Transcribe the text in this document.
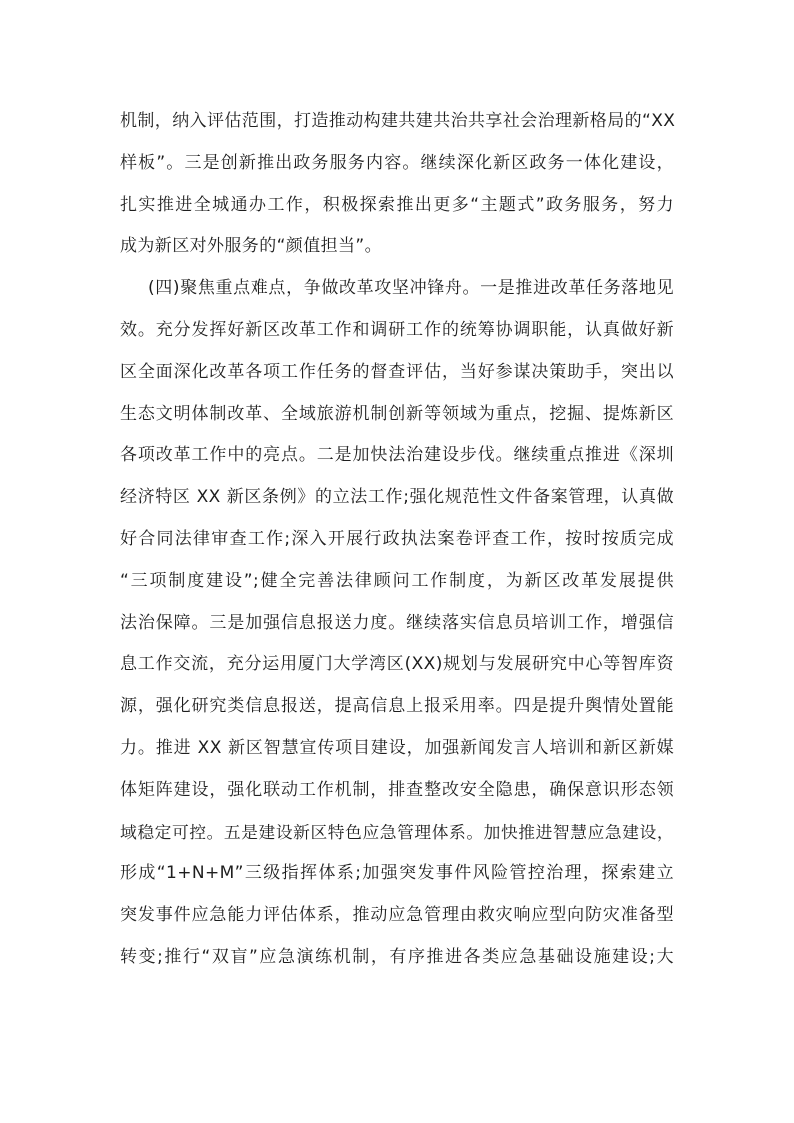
机制，纳入评估范围，打造推动构建共建共治共享社会治理新格局的“XX
样板”。三是创新推出政务服务内容。继续深化新区政务一体化建设，
扎实推进全城通办工作，积极探索推出更多“主题式”政务服务，努力
成为新区对外服务的“颜值担当”。
(四)聚焦重点难点，争做改革攻坚冲锋舟。一是推进改革任务落地见
效。充分发挥好新区改革工作和调研工作的统筹协调职能，认真做好新
区全面深化改革各项工作任务的督查评估，当好参谋决策助手，突出以
生态文明体制改革、全域旅游机制创新等领域为重点，挖掘、提炼新区
各项改革工作中的亮点。二是加快法治建设步伐。继续重点推进《深圳
经济特区 XX 新区条例》的立法工作;强化规范性文件备案管理，认真做
好合同法律审查工作;深入开展行政执法案卷评查工作，按时按质完成
“三项制度建设”;健全完善法律顾问工作制度，为新区改革发展提供
法治保障。三是加强信息报送力度。继续落实信息员培训工作，增强信
息工作交流，充分运用厦门大学湾区(XX)规划与发展研究中心等智库资
源，强化研究类信息报送，提高信息上报采用率。四是提升舆情处置能
力。推进 XX 新区智慧宣传项目建设，加强新闻发言人培训和新区新媒
体矩阵建设，强化联动工作机制，排查整改安全隐患，确保意识形态领
域稳定可控。五是建设新区特色应急管理体系。加快推进智慧应急建设，
形成“1+N+M”三级指挥体系;加强突发事件风险管控治理，探索建立
突发事件应急能力评估体系，推动应急管理由救灾响应型向防灾准备型
转变;推行“双盲”应急演练机制，有序推进各类应急基础设施建设;大
